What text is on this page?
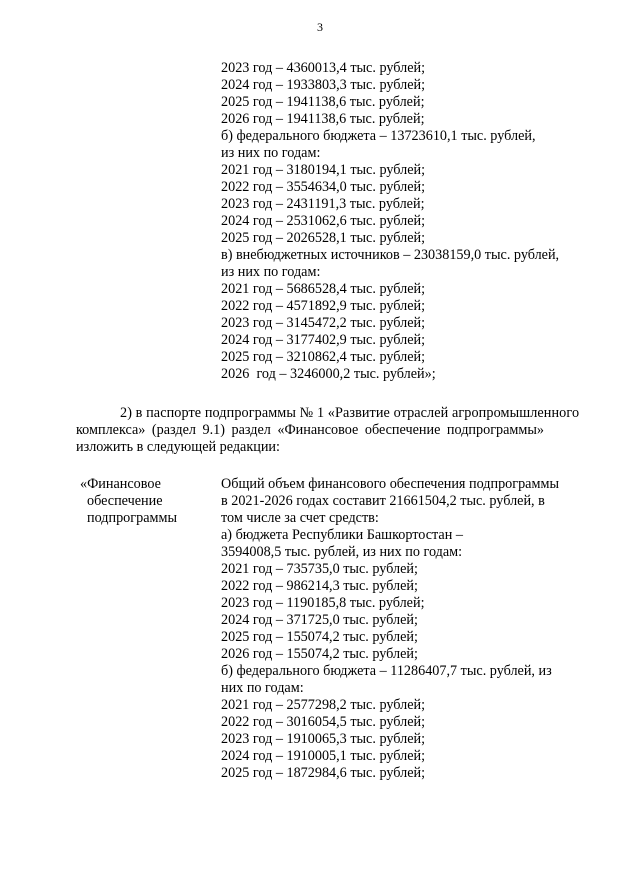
3
2023 год – 4360013,4 тыс. рублей;
2024 год – 1933803,3 тыс. рублей;
2025 год – 1941138,6 тыс. рублей;
2026 год – 1941138,6 тыс. рублей;
б) федерального бюджета – 13723610,1 тыс. рублей,
из них по годам:
2021 год – 3180194,1 тыс. рублей;
2022 год – 3554634,0 тыс. рублей;
2023 год – 2431191,3 тыс. рублей;
2024 год – 2531062,6 тыс. рублей;
2025 год – 2026528,1 тыс. рублей;
в) внебюджетных источников – 23038159,0 тыс. рублей,
из них по годам:
2021 год – 5686528,4 тыс. рублей;
2022 год – 4571892,9 тыс. рублей;
2023 год – 3145472,2 тыс. рублей;
2024 год – 3177402,9 тыс. рублей;
2025 год – 3210862,4 тыс. рублей;
2026  год – 3246000,2 тыс. рублей»;
2) в паспорте подпрограммы № 1 «Развитие отраслей агропромышленного
комплекса» (раздел 9.1) раздел «Финансовое обеспечение подпрограммы»
изложить в следующей редакции:
«Финансовое
обеспечение
подпрограммы
Общий объем финансового обеспечения подпрограммы
в 2021-2026 годах составит 21661504,2 тыс. рублей, в
том числе за счет средств:
а) бюджета Республики Башкортостан –
3594008,5 тыс. рублей, из них по годам:
2021 год – 735735,0 тыс. рублей;
2022 год – 986214,3 тыс. рублей;
2023 год – 1190185,8 тыс. рублей;
2024 год – 371725,0 тыс. рублей;
2025 год – 155074,2 тыс. рублей;
2026 год – 155074,2 тыс. рублей;
б) федерального бюджета – 11286407,7 тыс. рублей, из
них по годам:
2021 год – 2577298,2 тыс. рублей;
2022 год – 3016054,5 тыс. рублей;
2023 год – 1910065,3 тыс. рублей;
2024 год – 1910005,1 тыс. рублей;
2025 год – 1872984,6 тыс. рублей;
